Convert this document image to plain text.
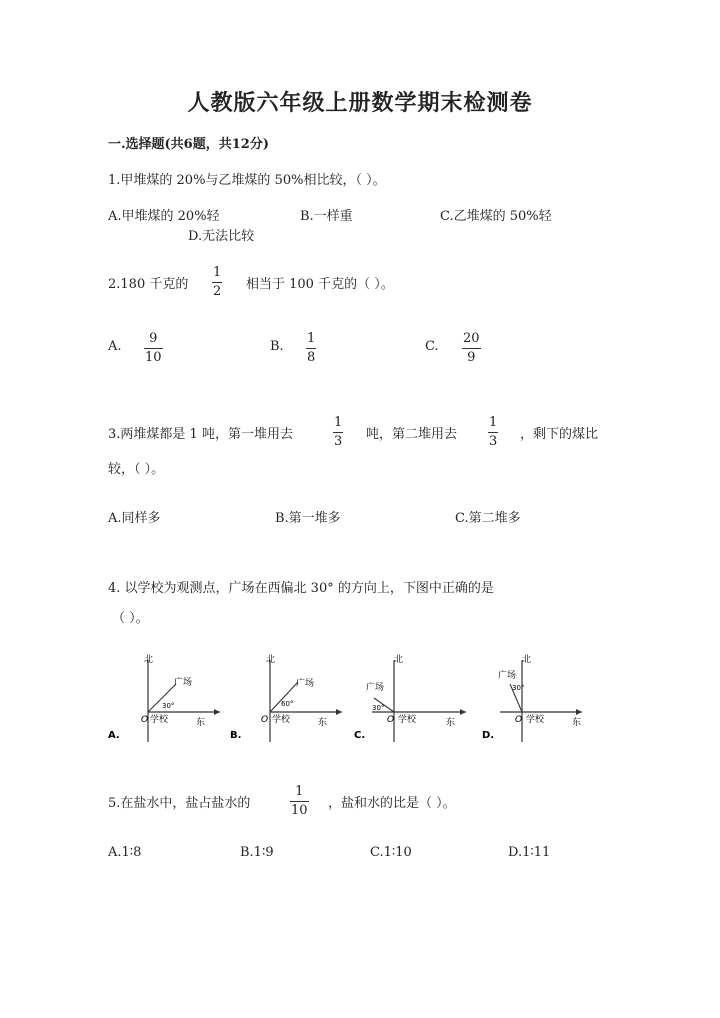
人教版六年级上册数学期末检测卷
一.选择题(共6题，共12分)
1.甲堆煤的 20%与乙堆煤的 50%相比较，（ ）。
A.甲堆煤的 20%轻	B.一样重	C.乙堆煤的 50%轻
D.无法比较
2.180 千克的
1
2 相当于 100 千克的（ ）。
A.
9
10
B.
1
8
C.
20
9
3.两堆煤都是 1 吨，第一堆用去
1
3 吨，第二堆用去
1
3 ，剩下的煤比
较，（ ）。
A.同样多	B.第一堆多	C.第二堆多
4. 以学校为观测点，广场在西偏北 30° 的方向上，下图中正确的是
（ ）。
北
东
O 学校
广场
30°
A.
北
东
O 学校
广场
60°
B.
北
东
O 学校
广场
30°
C.
北
东
O 学校
广场
30°
D.
5.在盐水中，盐占盐水的
1
10 ，盐和水的比是（ ）。
A.1∶8	B.1∶9	C.1∶10	D.1∶11
